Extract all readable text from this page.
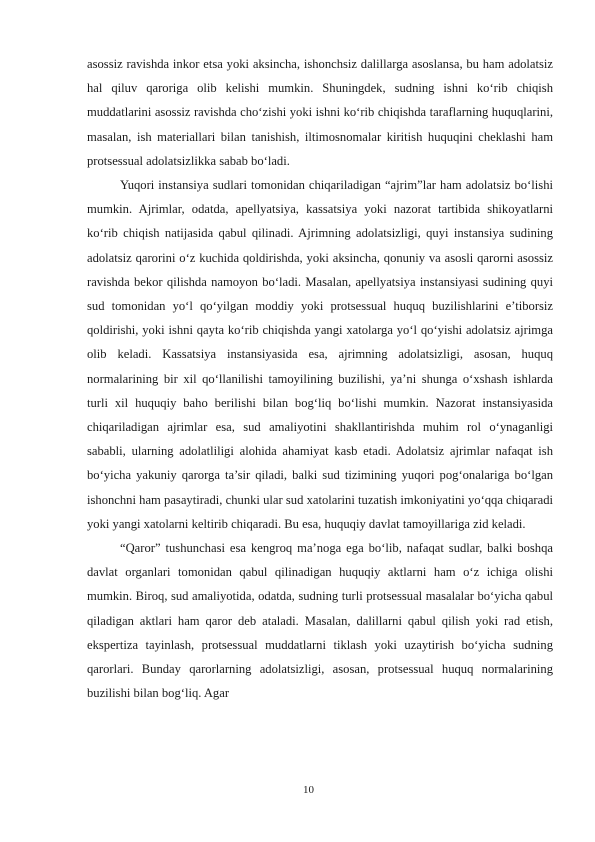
asossiz ravishda inkor etsa yoki aksincha, ishonchsiz dalillarga asoslansa, bu ham adolatsiz hal qiluv qaroriga olib kelishi mumkin. Shuningdek, sudning ishni ko‘rib chiqish muddatlarini asossiz ravishda cho‘zishi yoki ishni ko‘rib chiqishda taraflarning huquqlarini, masalan, ish materiallari bilan tanishish, iltimosnomalar kiritish huquqini cheklashi ham protsessual adolatsizlikka sabab bo‘ladi.

Yuqori instansiya sudlari tomonidan chiqariladigan “ajrim”lar ham adolatsiz bo‘lishi mumkin. Ajrimlar, odatda, apellyatsiya, kassatsiya yoki nazorat tartibida shikoyatlarni ko‘rib chiqish natijasida qabul qilinadi. Ajrimning adolatsizligi, quyi instansiya sudining adolatsiz qarorini o‘z kuchida qoldirishda, yoki aksincha, qonuniy va asosli qarorni asossiz ravishda bekor qilishda namoyon bo‘ladi. Masalan, apellyatsiya instansiyasi sudining quyi sud tomonidan yo‘l qo‘yilgan moddiy yoki protsessual huquq buzilishlarini e’tiborsiz qoldirishi, yoki ishni qayta ko‘rib chiqishda yangi xatolarga yo‘l qo‘yishi adolatsiz ajrimga olib keladi. Kassatsiya instansiyasida esa, ajrimning adolatsizligi, asosan, huquq normalarining bir xil qo‘llanilishi tamoyilining buzilishi, ya’ni shunga o‘xshash ishlarda turli xil huquqiy baho berilishi bilan bog‘liq bo‘lishi mumkin. Nazorat instansiyasida chiqariladigan ajrimlar esa, sud amaliyotini shakllantirishda muhim rol o‘ynaganligi sababli, ularning adolatliligi alohida ahamiyat kasb etadi. Adolatsiz ajrimlar nafaqat ish bo‘yicha yakuniy qarorga ta’sir qiladi, balki sud tizimining yuqori pog‘onalariga bo‘lgan ishonchni ham pasaytiradi, chunki ular sud xatolarini tuzatish imkoniyatini yo‘qqa chiqaradi yoki yangi xatolarni keltirib chiqaradi. Bu esa, huquqiy davlat tamoyillariga zid keladi.

“Qaror” tushunchasi esa kengroq ma’noga ega bo‘lib, nafaqat sudlar, balki boshqa davlat organlari tomonidan qabul qilinadigan huquqiy aktlarni ham o‘z ichiga olishi mumkin. Biroq, sud amaliyotida, odatda, sudning turli protsessual masalalar bo‘yicha qabul qiladigan aktlari ham qaror deb ataladi. Masalan, dalillarni qabul qilish yoki rad etish, ekspertiza tayinlash, protsessual muddatlarni tiklash yoki uzaytirish bo‘yicha sudning qarorlari. Bunday qarorlarning adolatsizligi, asosan, protsessual huquq normalarining buzilishi bilan bog‘liq. Agar

10
